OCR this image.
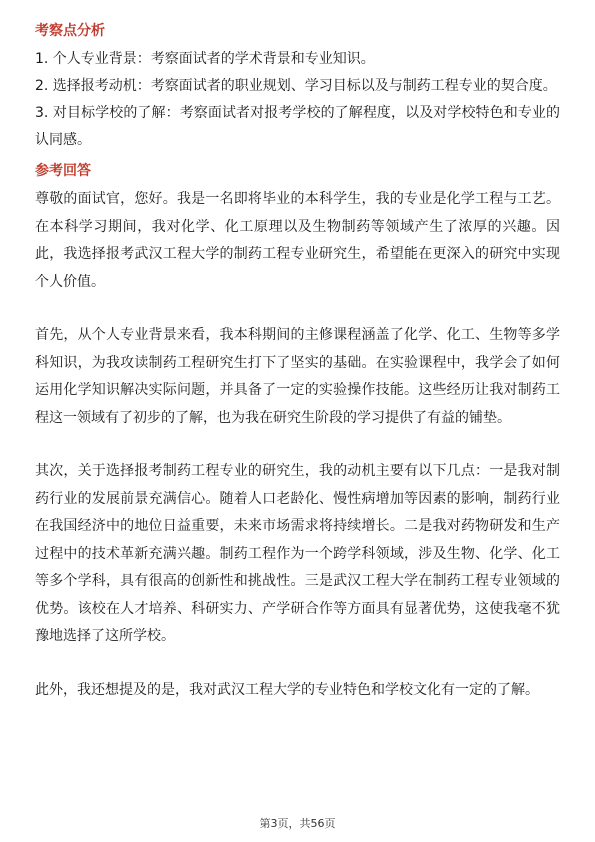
考察点分析

1. 个人专业背景：考察面试者的学术背景和专业知识。

2. 选择报考动机：考察面试者的职业规划、学习目标以及与制药工程专业的契合度。

3. 对目标学校的了解：考察面试者对报考学校的了解程度，以及对学校特色和专业的认同感。

参考回答

尊敬的面试官，您好。我是一名即将毕业的本科学生，我的专业是化学工程与工艺。在本科学习期间，我对化学、化工原理以及生物制药等领域产生了浓厚的兴趣。因此，我选择报考武汉工程大学的制药工程专业研究生，希望能在更深入的研究中实现个人价值。

首先，从个人专业背景来看，我本科期间的主修课程涵盖了化学、化工、生物等多学科知识，为我攻读制药工程研究生打下了坚实的基础。在实验课程中，我学会了如何运用化学知识解决实际问题，并具备了一定的实验操作技能。这些经历让我对制药工程这一领域有了初步的了解，也为我在研究生阶段的学习提供了有益的铺垫。

其次，关于选择报考制药工程专业的研究生，我的动机主要有以下几点：一是我对制药行业的发展前景充满信心。随着人口老龄化、慢性病增加等因素的影响，制药行业在我国经济中的地位日益重要，未来市场需求将持续增长。二是我对药物研发和生产过程中的技术革新充满兴趣。制药工程作为一个跨学科领域，涉及生物、化学、化工等多个学科，具有很高的创新性和挑战性。三是武汉工程大学在制药工程专业领域的优势。该校在人才培养、科研实力、产学研合作等方面具有显著优势，这使我毫不犹豫地选择了这所学校。

此外，我还想提及的是，我对武汉工程大学的专业特色和学校文化有一定的了解。

第3页，共56页
